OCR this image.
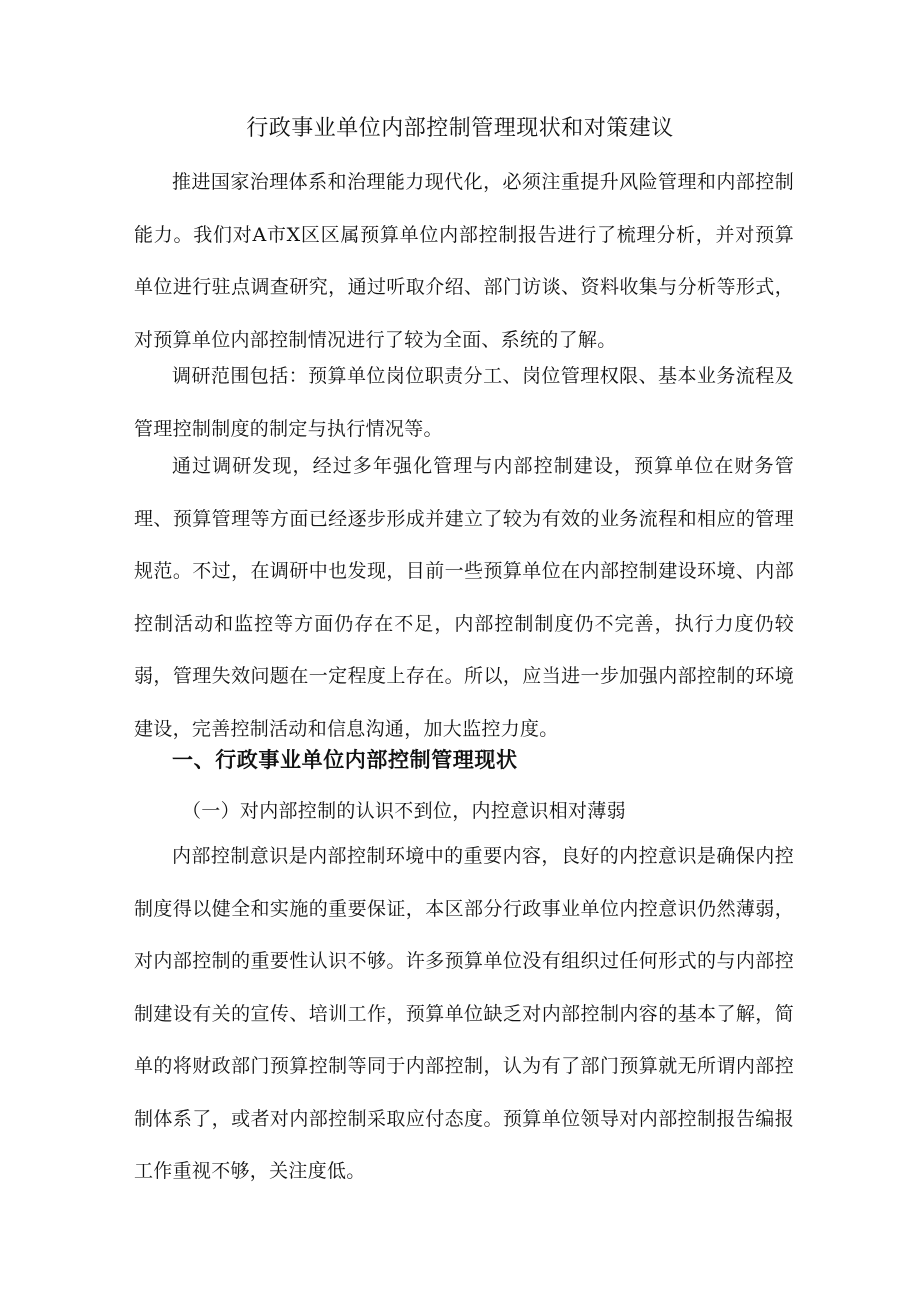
行政事业单位内部控制管理现状和对策建议

推进国家治理体系和治理能力现代化，必须注重提升风险管理和内部控制能力。我们对A市X区区属预算单位内部控制报告进行了梳理分析，并对预算单位进行驻点调查研究，通过听取介绍、部门访谈、资料收集与分析等形式，对预算单位内部控制情况进行了较为全面、系统的了解。

调研范围包括：预算单位岗位职责分工、岗位管理权限、基本业务流程及管理控制制度的制定与执行情况等。

通过调研发现，经过多年强化管理与内部控制建设，预算单位在财务管理、预算管理等方面已经逐步形成并建立了较为有效的业务流程和相应的管理规范。不过，在调研中也发现，目前一些预算单位在内部控制建设环境、内部控制活动和监控等方面仍存在不足，内部控制制度仍不完善，执行力度仍较弱，管理失效问题在一定程度上存在。所以，应当进一步加强内部控制的环境建设，完善控制活动和信息沟通，加大监控力度。

一、行政事业单位内部控制管理现状

（一）对内部控制的认识不到位，内控意识相对薄弱

内部控制意识是内部控制环境中的重要内容，良好的内控意识是确保内控制度得以健全和实施的重要保证，本区部分行政事业单位内控意识仍然薄弱，对内部控制的重要性认识不够。许多预算单位没有组织过任何形式的与内部控制建设有关的宣传、培训工作，预算单位缺乏对内部控制内容的基本了解，简单的将财政部门预算控制等同于内部控制，认为有了部门预算就无所谓内部控制体系了，或者对内部控制采取应付态度。预算单位领导对内部控制报告编报工作重视不够，关注度低。
